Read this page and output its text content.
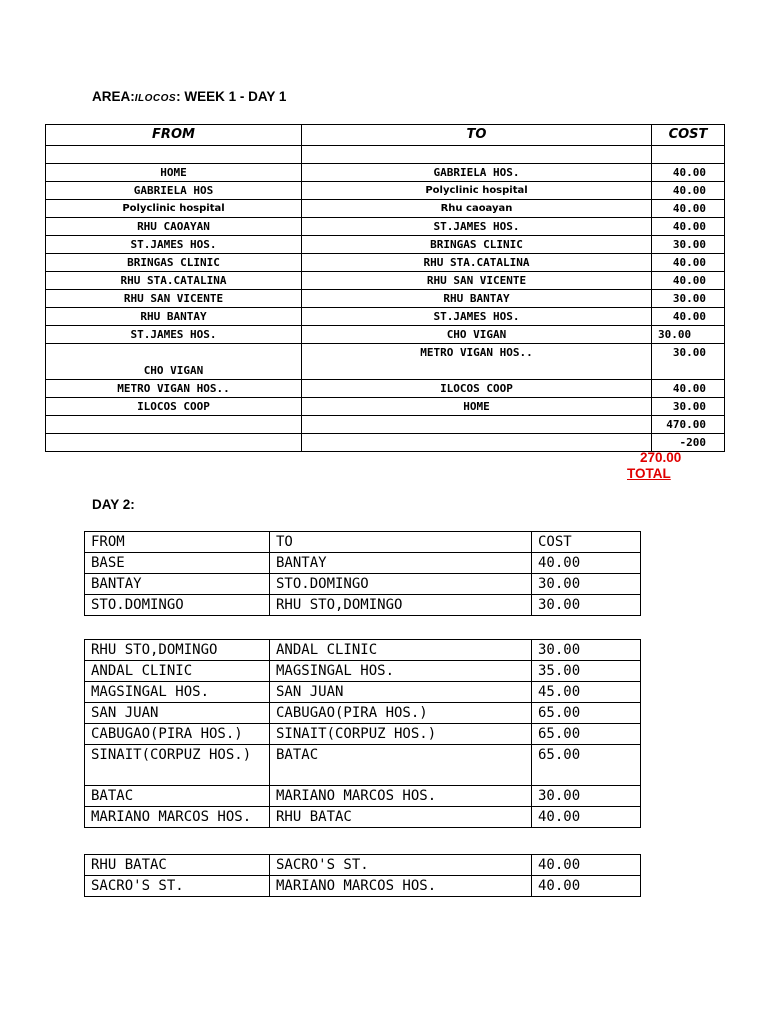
AREA:ILOCOS: WEEK 1 - DAY 1
FROM	TO	COST

HOME	GABRIELA HOS.	40.00
GABRIELA HOS	Polyclinic hospital	40.00
Polyclinic hospital	Rhu caoayan	40.00
RHU CAOAYAN	ST.JAMES HOS.	40.00
ST.JAMES HOS.	BRINGAS CLINIC	30.00
BRINGAS CLINIC	RHU STA.CATALINA	40.00
RHU STA.CATALINA	RHU SAN VICENTE	40.00
RHU SAN VICENTE	RHU BANTAY	30.00
RHU BANTAY	ST.JAMES HOS.	40.00
ST.JAMES HOS.	CHO VIGAN	30.00
CHO VIGAN	METRO VIGAN HOS..	30.00
METRO VIGAN HOS..	ILOCOS COOP	40.00
ILOCOS COOP	HOME	30.00
		470.00
		-200
270.00
TOTAL
DAY 2:
FROM	TO	COST
BASE	BANTAY	40.00
BANTAY	STO.DOMINGO	30.00
STO.DOMINGO	RHU STO,DOMINGO	30.00
RHU STO,DOMINGO	ANDAL CLINIC	30.00
ANDAL CLINIC	MAGSINGAL HOS.	35.00
MAGSINGAL HOS.	SAN JUAN	45.00
SAN JUAN	CABUGAO(PIRA HOS.)	65.00
CABUGAO(PIRA HOS.)	SINAIT(CORPUZ HOS.)	65.00
SINAIT(CORPUZ HOS.)	BATAC	65.00
BATAC	MARIANO MARCOS HOS.	30.00
MARIANO MARCOS HOS.	RHU BATAC	40.00
RHU BATAC	SACRO'S ST.	40.00
SACRO'S ST.	MARIANO MARCOS HOS.	40.00
